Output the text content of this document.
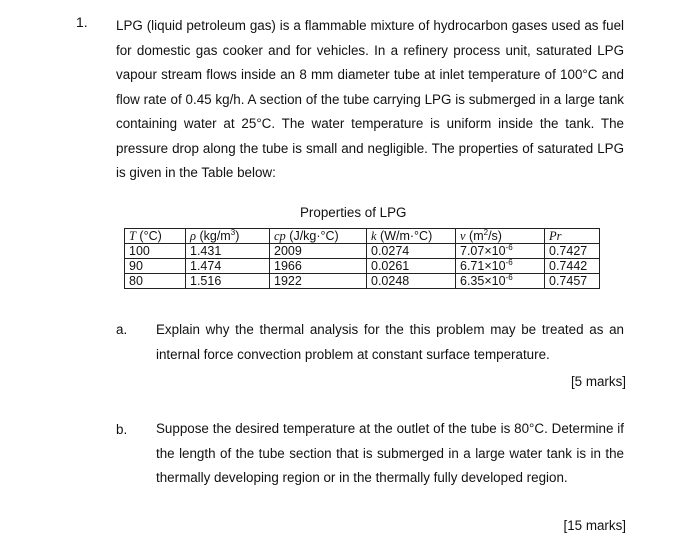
1. LPG (liquid petroleum gas) is a flammable mixture of hydrocarbon gases used as fuel for domestic gas cooker and for vehicles. In a refinery process unit, saturated LPG vapour stream flows inside an 8 mm diameter tube at inlet temperature of 100°C and flow rate of 0.45 kg/h. A section of the tube carrying LPG is submerged in a large tank containing water at 25°C. The water temperature is uniform inside the tank. The pressure drop along the tube is small and negligible. The properties of saturated LPG is given in the Table below:

Properties of LPG
T (°C)	ρ $(kg/m^3)$	cp (J/kg·°C)	k (W/m·°C)	ν $(m^2/s)$	Pr
100	1.431	2009	0.0274	$7.07\times 10^{-6}$	0.7427
90	1.474	1966	0.0261	$6.71\times 10^{-6}$	0.7442
80	1.516	1922	0.0248	$6.35\times 10^{-6}$	0.7457
a. Explain why the thermal analysis for the this problem may be treated as an internal force convection problem at constant surface temperature.

[5 marks]
b. Suppose the desired temperature at the outlet of the tube is 80°C. Determine if the length of the tube section that is submerged in a large water tank is in the thermally developing region or in the thermally fully developed region.

[15 marks]
